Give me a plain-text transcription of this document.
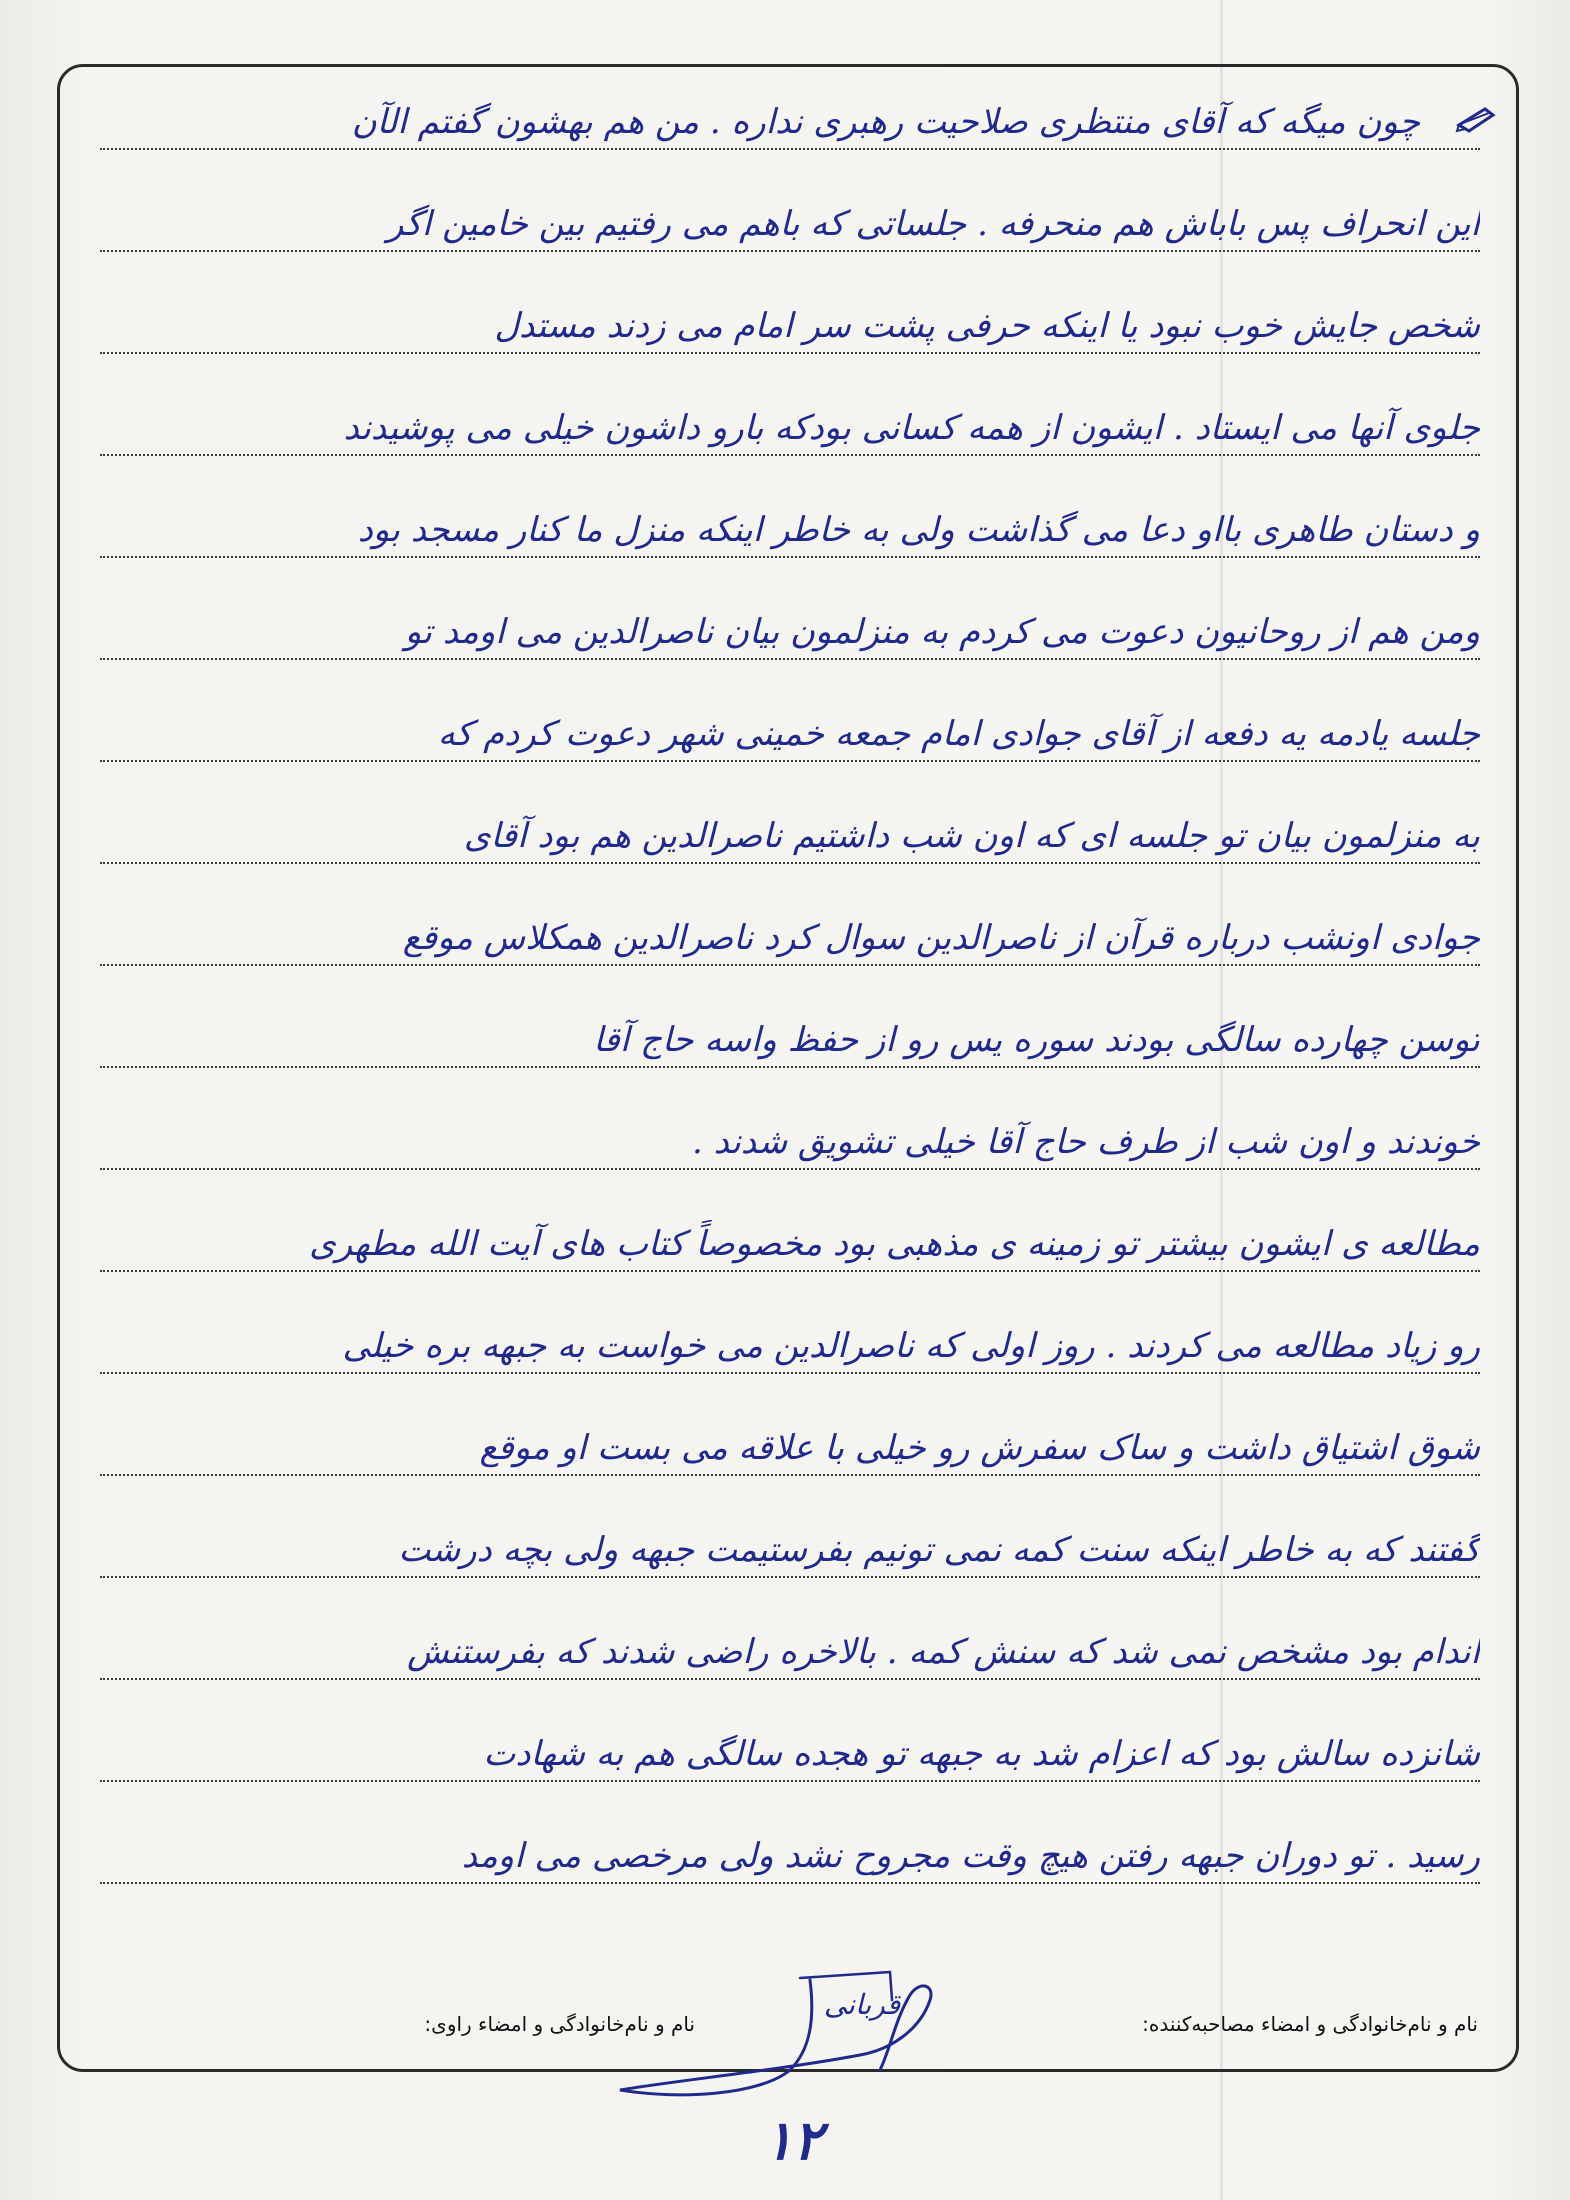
چون میگه که آقای منتظری صلاحیت رهبری نداره . من هم بهشون گفتم الآن
این انحراف پس باباش هم منحرفه . جلساتی که باهم می رفتیم بین خامین اگر
شخص جایش خوب نبود یا اینکه حرفی پشت سر امام می زدند مستدل
جلوی آنها می ایستاد . ایشون از همه کسانی بودکه بارو داشون خیلی می پوشیدند
و دستان طاهری بااو دعا می گذاشت ولی به خاطر اینکه منزل ما کنار مسجد بود
ومن هم از روحانیون دعوت می کردم به منزلمون بیان ناصرالدین می اومد تو
جلسه یادمه یه دفعه از آقای جوادی امام جمعه خمینی شهر دعوت کردم که
به منزلمون بیان تو جلسه ای که اون شب داشتیم ناصرالدین هم بود آقای
جوادی اونشب درباره قرآن از ناصرالدین سوال کرد ناصرالدین همکلاس موقع
توسن چهارده سالگی بودند سوره یس رو از حفظ واسه حاج آقا
خوندند و اون شب از طرف حاج آقا خیلی تشویق شدند .
مطالعه ی ایشون بیشتر تو زمینه ی مذهبی بود مخصوصاً کتاب های آیت الله مطهری
رو زیاد مطالعه می کردند . روز اولی که ناصرالدین می خواست به جبهه بره خیلی
شوق اشتیاق داشت و ساک سفرش رو خیلی با علاقه می بست او موقع
گفتند که به خاطر اینکه سنت کمه نمی تونیم بفرستیمت جبهه ولی بچه درشت
اندام بود مشخص نمی شد که سنش کمه . بالاخره راضی شدند که بفرستنش
شانزده سالش بود که اعزام شد به جبهه تو هجده سالگی هم به شهادت
رسید . تو دوران جبهه رفتن هیچ وقت مجروح نشد ولی مرخصی می اومد
نام و نام‌خانوادگی و امضاء مصاحبه‌کننده:
نام و نام‌خانوادگی و امضاء راوی:
قربانی
۱۲
